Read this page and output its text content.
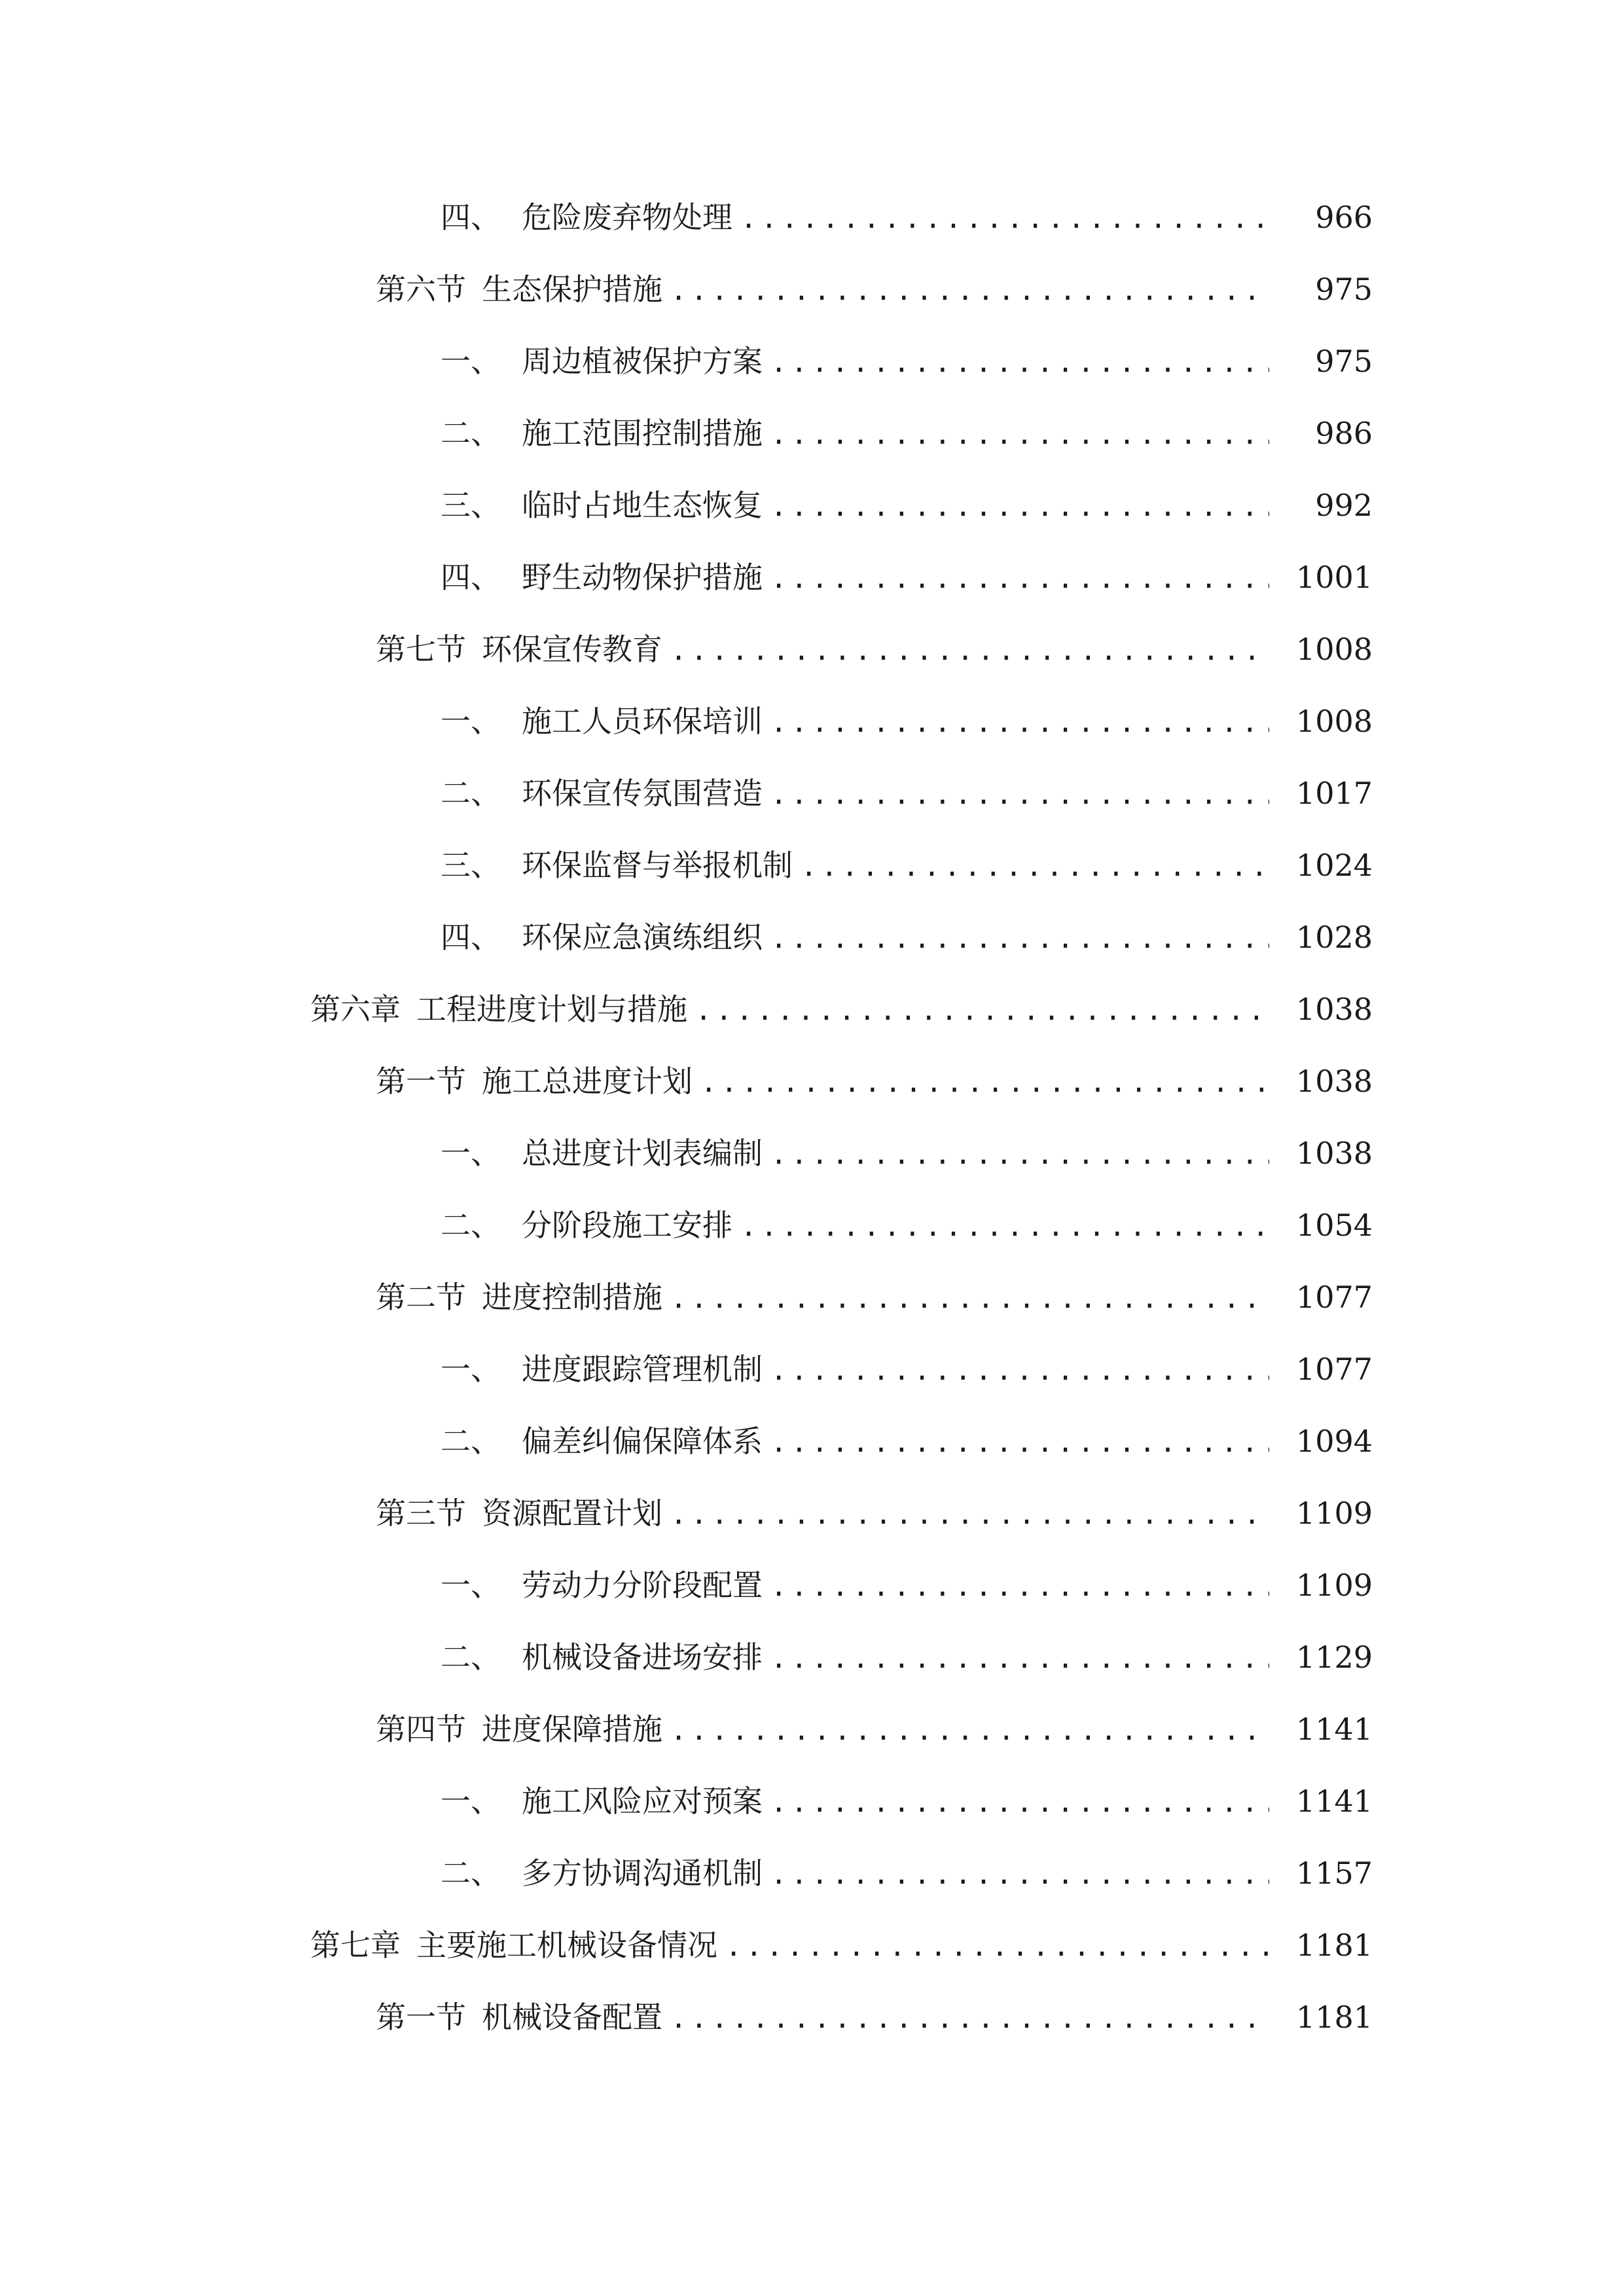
四、 危险废弃物处理 .....	966
第六节 生态保护措施 .....	975
一、 周边植被保护方案 .....	975
二、 施工范围控制措施 .....	986
三、 临时占地生态恢复 .....	992
四、 野生动物保护措施 .....	1001
第七节 环保宣传教育 .....	1008
一、 施工人员环保培训 .....	1008
二、 环保宣传氛围营造 .....	1017
三、 环保监督与举报机制 .....	1024
四、 环保应急演练组织 .....	1028
第六章 工程进度计划与措施 .....	1038
第一节 施工总进度计划 .....	1038
一、 总进度计划表编制 .....	1038
二、 分阶段施工安排 .....	1054
第二节 进度控制措施 .....	1077
一、 进度跟踪管理机制 .....	1077
二、 偏差纠偏保障体系 .....	1094
第三节 资源配置计划 .....	1109
一、 劳动力分阶段配置 .....	1109
二、 机械设备进场安排 .....	1129
第四节 进度保障措施 .....	1141
一、 施工风险应对预案 .....	1141
二、 多方协调沟通机制 .....	1157
第七章 主要施工机械设备情况 .....	1181
第一节 机械设备配置 .....	1181
